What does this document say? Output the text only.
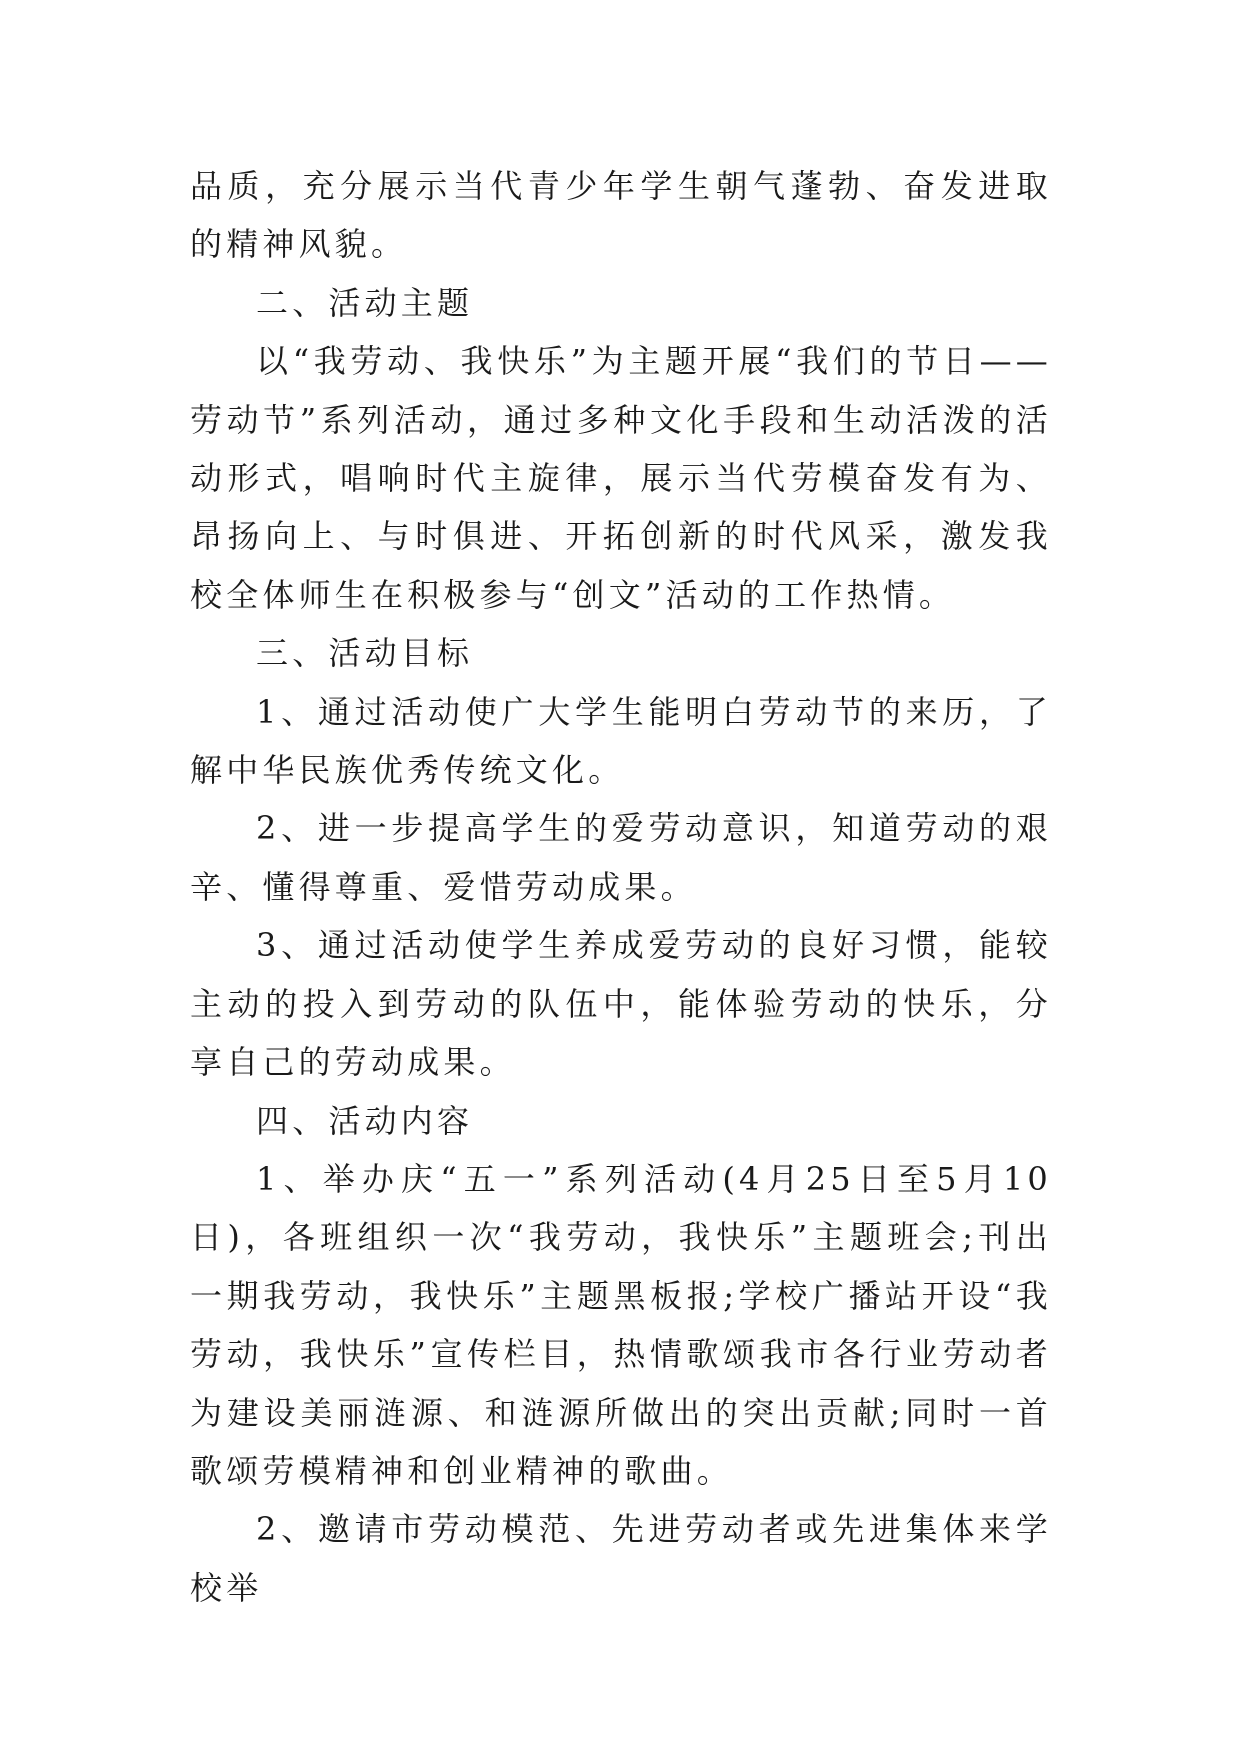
品质，充分展示当代青少年学生朝气蓬勃、奋发进取的精神风貌。

二、活动主题

以“我劳动、我快乐”为主题开展“我们的节日——劳动节”系列活动，通过多种文化手段和生动活泼的活动形式，唱响时代主旋律，展示当代劳模奋发有为、昂扬向上、与时俱进、开拓创新的时代风采，激发我校全体师生在积极参与“创文”活动的工作热情。

三、活动目标

1、通过活动使广大学生能明白劳动节的来历，了解中华民族优秀传统文化。

2、进一步提高学生的爱劳动意识，知道劳动的艰辛、懂得尊重、爱惜劳动成果。

3、通过活动使学生养成爱劳动的良好习惯，能较主动的投入到劳动的队伍中，能体验劳动的快乐，分享自己的劳动成果。

四、活动内容

1、举办庆“五一”系列活动(4月25日至5月10日)，各班组织一次“我劳动，我快乐”主题班会;刊出一期我劳动，我快乐”主题黑板报;学校广播站开设“我劳动，我快乐”宣传栏目，热情歌颂我市各行业劳动者为建设美丽涟源、和涟源所做出的突出贡献;同时一首歌颂劳模精神和创业精神的歌曲。

2、邀请市劳动模范、先进劳动者或先进集体来学校举
